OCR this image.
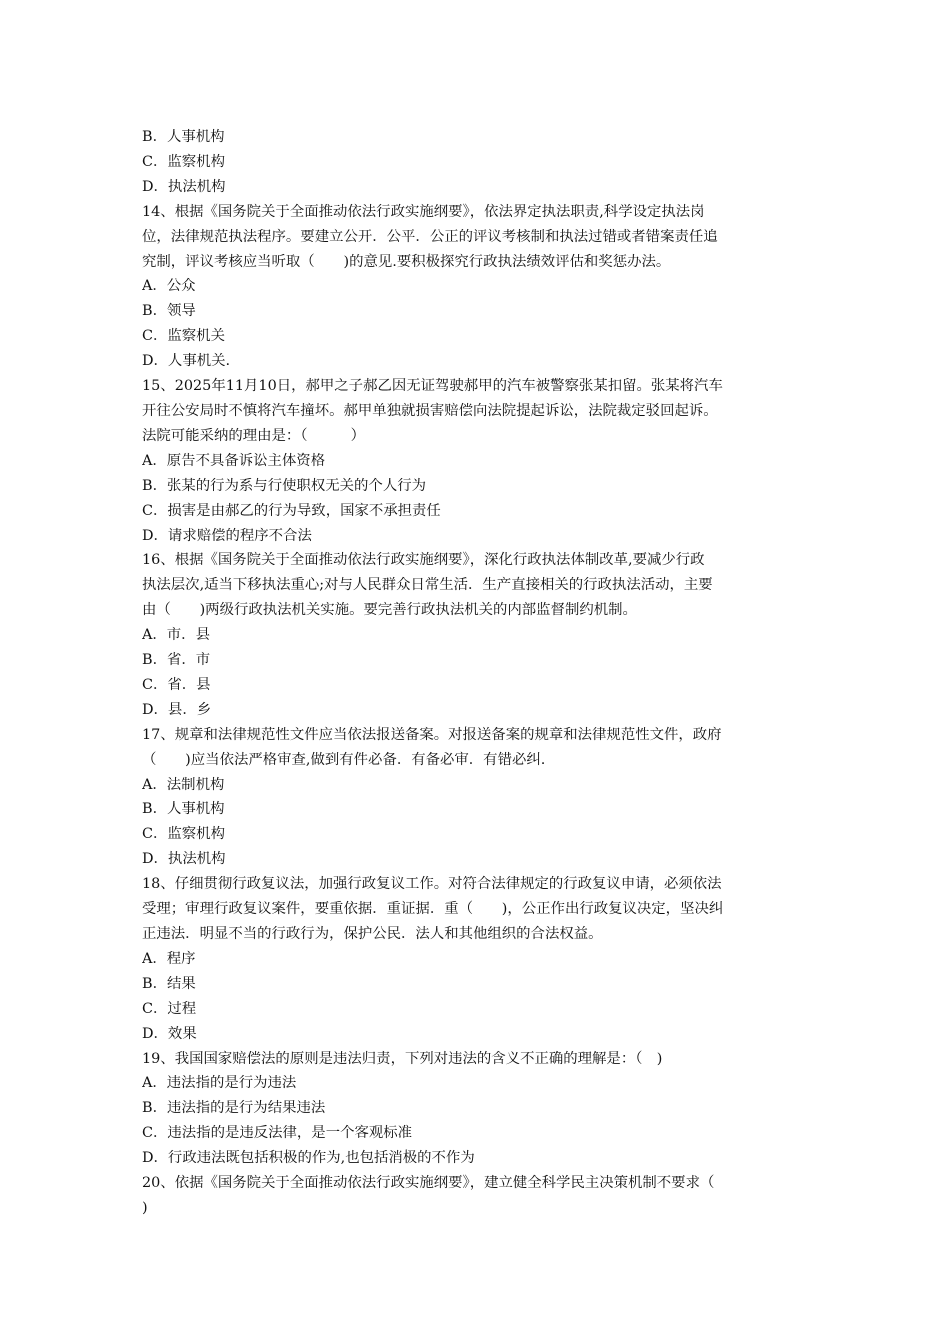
B．人事机构
C．监察机构
D．执法机构
14、根据《国务院关于全面推动依法行政实施纲要》，依法界定执法职责,科学设定执法岗
位，法律规范执法程序。要建立公开．公平．公正的评议考核制和执法过错或者错案责任追
究制，评议考核应当听取（　　)的意见.要积极探究行政执法绩效评估和奖惩办法。
A．公众
B．领导
C．监察机关
D．人事机关.
15、2025年11月10日，郝甲之子郝乙因无证驾驶郝甲的汽车被警察张某扣留。张某将汽车
开往公安局时不慎将汽车撞坏。郝甲单独就损害赔偿向法院提起诉讼，法院裁定驳回起诉。
法院可能采纳的理由是：（　　　）
A．原告不具备诉讼主体资格
B．张某的行为系与行使职权无关的个人行为
C．损害是由郝乙的行为导致，国家不承担责任
D．请求赔偿的程序不合法
16、根据《国务院关于全面推动依法行政实施纲要》，深化行政执法体制改革,要减少行政
执法层次,适当下移执法重心;对与人民群众日常生活．生产直接相关的行政执法活动，主要
由（　　)两级行政执法机关实施。要完善行政执法机关的内部监督制约机制。
A．市．县
B．省．市
C．省．县
D．县．乡
17、规章和法律规范性文件应当依法报送备案。对报送备案的规章和法律规范性文件，政府
（　　)应当依法严格审查,做到有件必备．有备必审．有错必纠.
A．法制机构
B．人事机构
C．监察机构
D．执法机构
18、仔细贯彻行政复议法，加强行政复议工作。对符合法律规定的行政复议申请，必须依法
受理；审理行政复议案件，要重依据．重证据．重（　　)，公正作出行政复议决定，坚决纠
正违法．明显不当的行政行为，保护公民．法人和其他组织的合法权益。
A．程序
B．结果
C．过程
D．效果
19、我国国家赔偿法的原则是违法归责，下列对违法的含义不正确的理解是：（　)
A．违法指的是行为违法
B．违法指的是行为结果违法
C．违法指的是违反法律，是一个客观标准
D．行政违法既包括积极的作为,也包括消极的不作为
20、依据《国务院关于全面推动依法行政实施纲要》，建立健全科学民主决策机制不要求（
)
